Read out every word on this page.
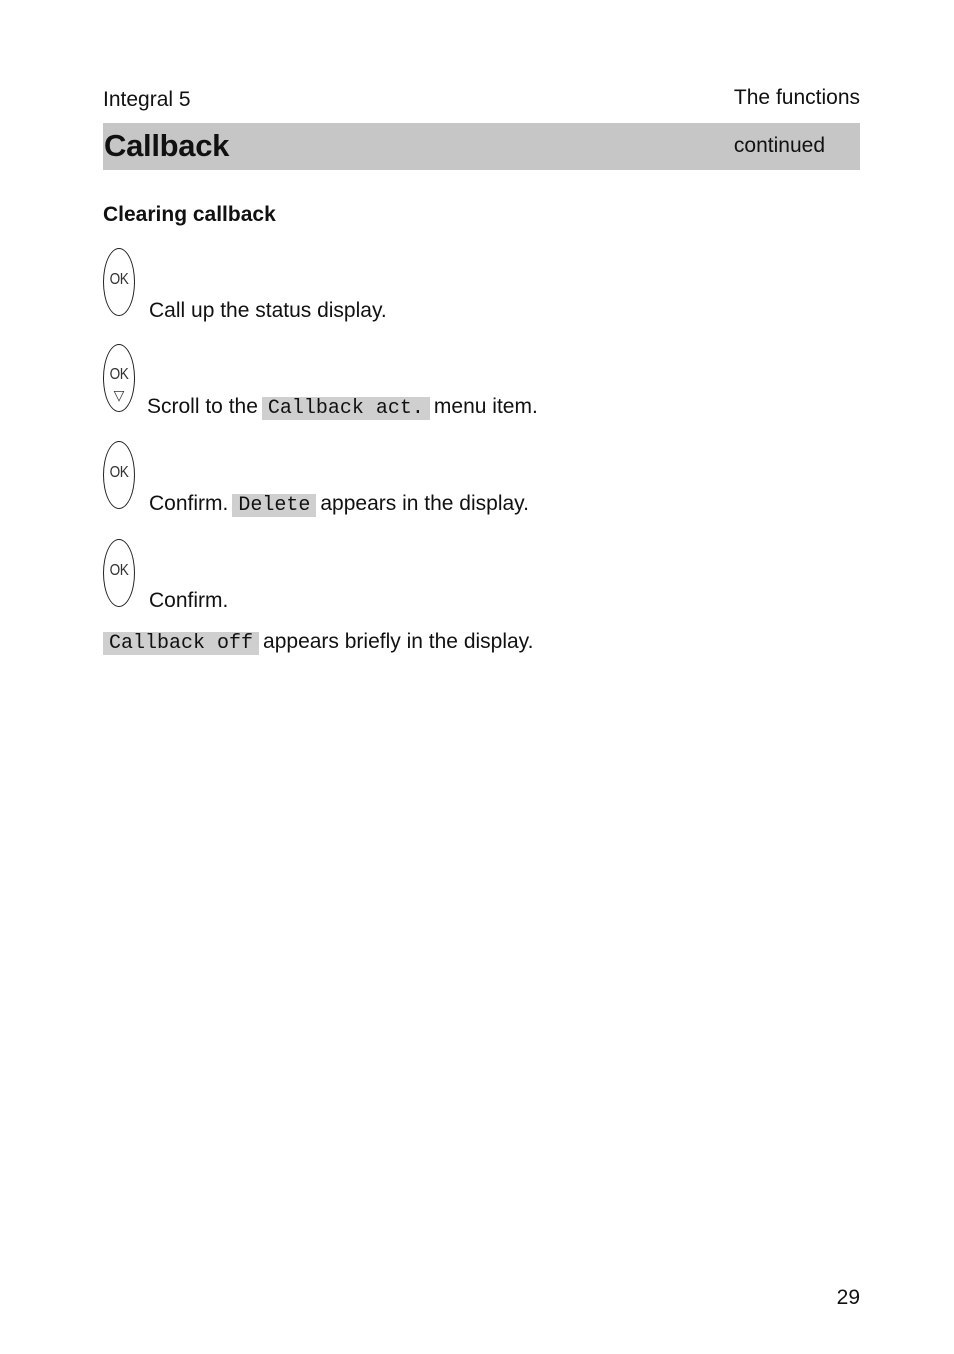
Integral 5	The functions
Callback	continued
Clearing callback
OK
Call up the status display.
OK
▽	Scroll to the Callback act. menu item.
OK
Confirm. Delete appears in the display.
OK
Confirm.
Callback off appears briefly in the display.
29
